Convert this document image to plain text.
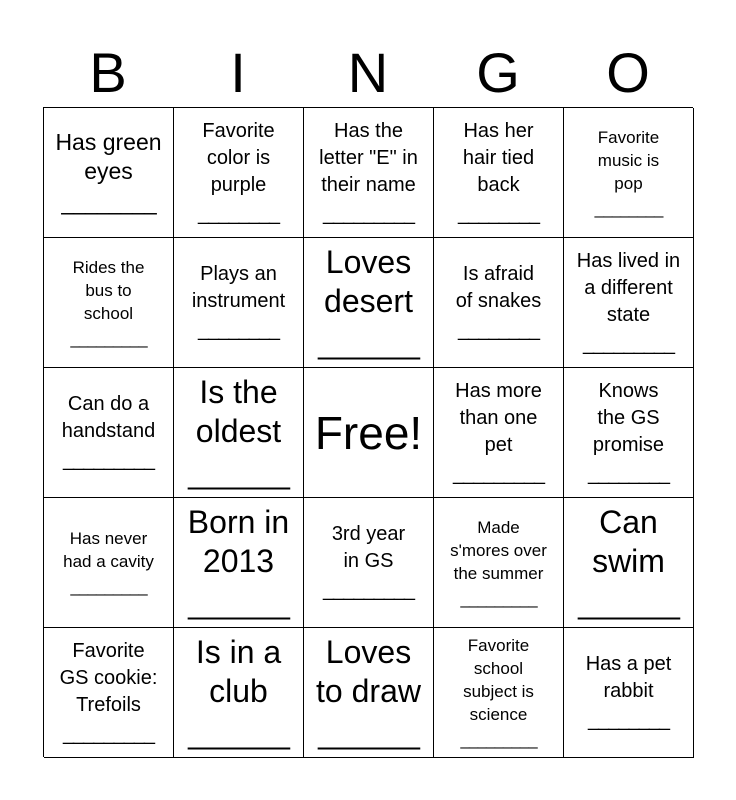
B	I	N	G	O
Has green
eyes
________
Favorite
color is
purple
________
Has the
letter "E" in
their name
_________
Has her
hair tied
back
________
Favorite
music is
pop
________
Rides the
bus to
school
_________
Plays an
instrument
________
Loves
desert
______
Is afraid
of snakes
________
Has lived in
a different
state
_________
Can do a
handstand
_________
Is the
oldest
______
Free!
Has more
than one
pet
_________
Knows
the GS
promise
________
Has never
had a cavity
_________
Born in
2013
______
3rd year
in GS
_________
Made
s'mores over
the summer
_________
Can
swim
______
Favorite
GS cookie:
Trefoils
_________
Is in a
club
______
Loves
to draw
______
Favorite
school
subject is
science
_________
Has a pet
rabbit
________
